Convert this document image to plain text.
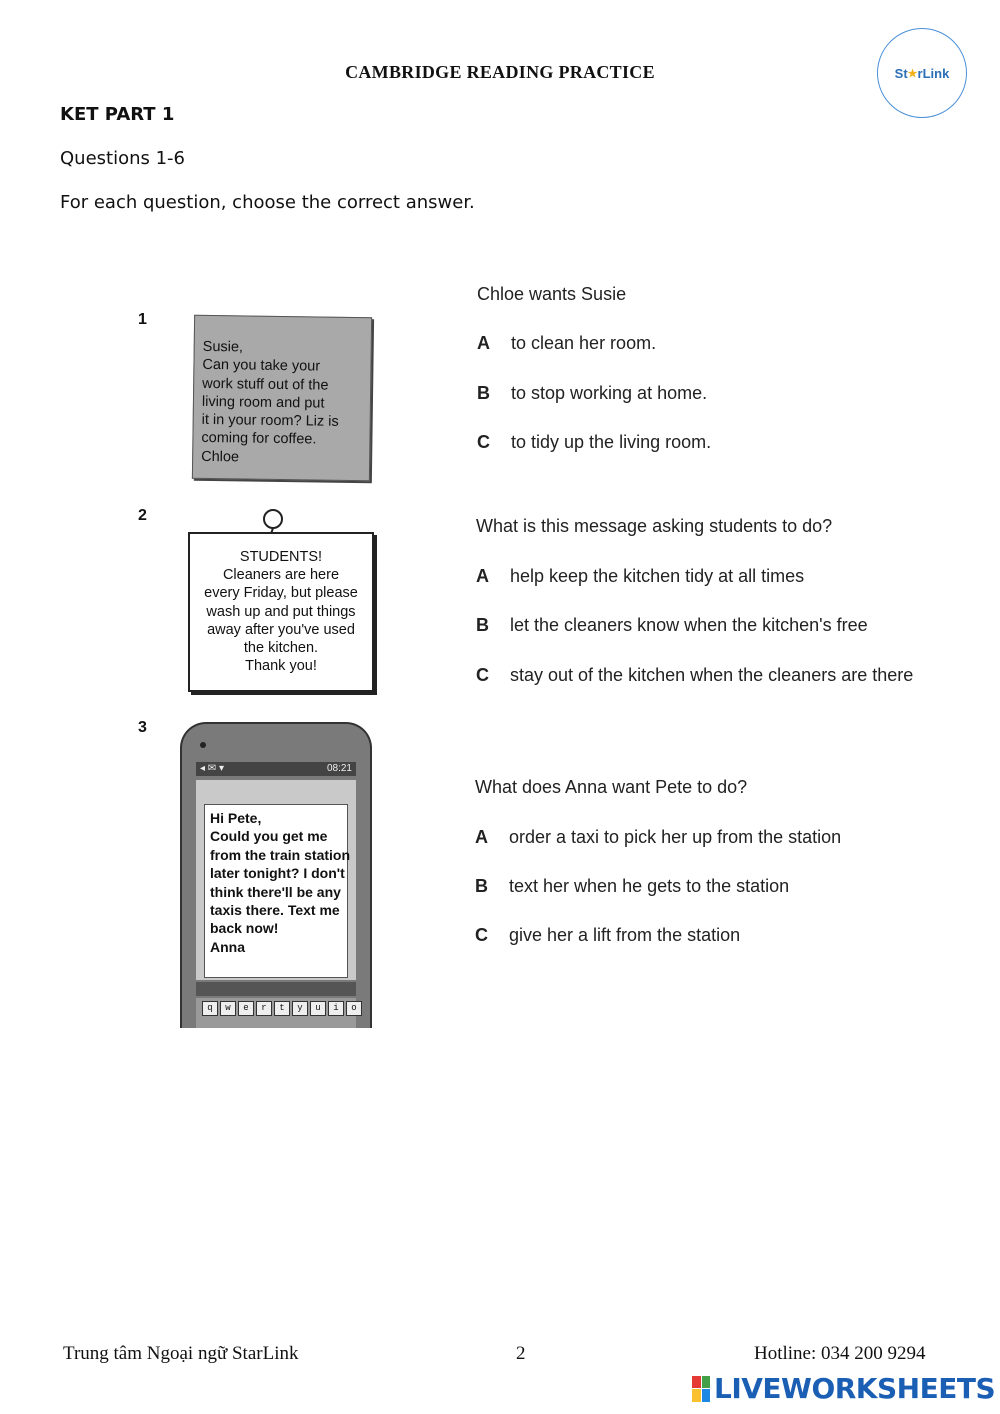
CAMBRIDGE READING PRACTICE	St ★ rLink
KET PART 1
Questions 1-6
For each question, choose the correct answer.
1
Susie,
Can you take your
work stuff out of the
living room and put
it in your room? Liz is
coming for coffee.
Chloe
Chloe wants Susie
A	to clean her room.
B	to stop working at home.
C	to tidy up the living room.
2
STUDENTS!
Cleaners are here
every Friday, but please
wash up and put things
away after you've used
the kitchen.
Thank you!
What is this message asking students to do?
A	help keep the kitchen tidy at all times
B	let the cleaners know when the kitchen's free
C	stay out of the kitchen when the cleaners are there
3
◂ ✉ ▾	08:21
Hi Pete,
Could you get me
from the train station
later tonight? I don't
think there'll be any
taxis there. Text me
back now!
Anna
q	w	e	r	t	y	u	i	o
What does Anna want Pete to do?
A	order a taxi to pick her up from the station
B	text her when he gets to the station
C	give her a lift from the station
Trung tâm Ngoại ngữ StarLink	2	Hotline: 034 200 9294
LIVEWORKSHEETS
